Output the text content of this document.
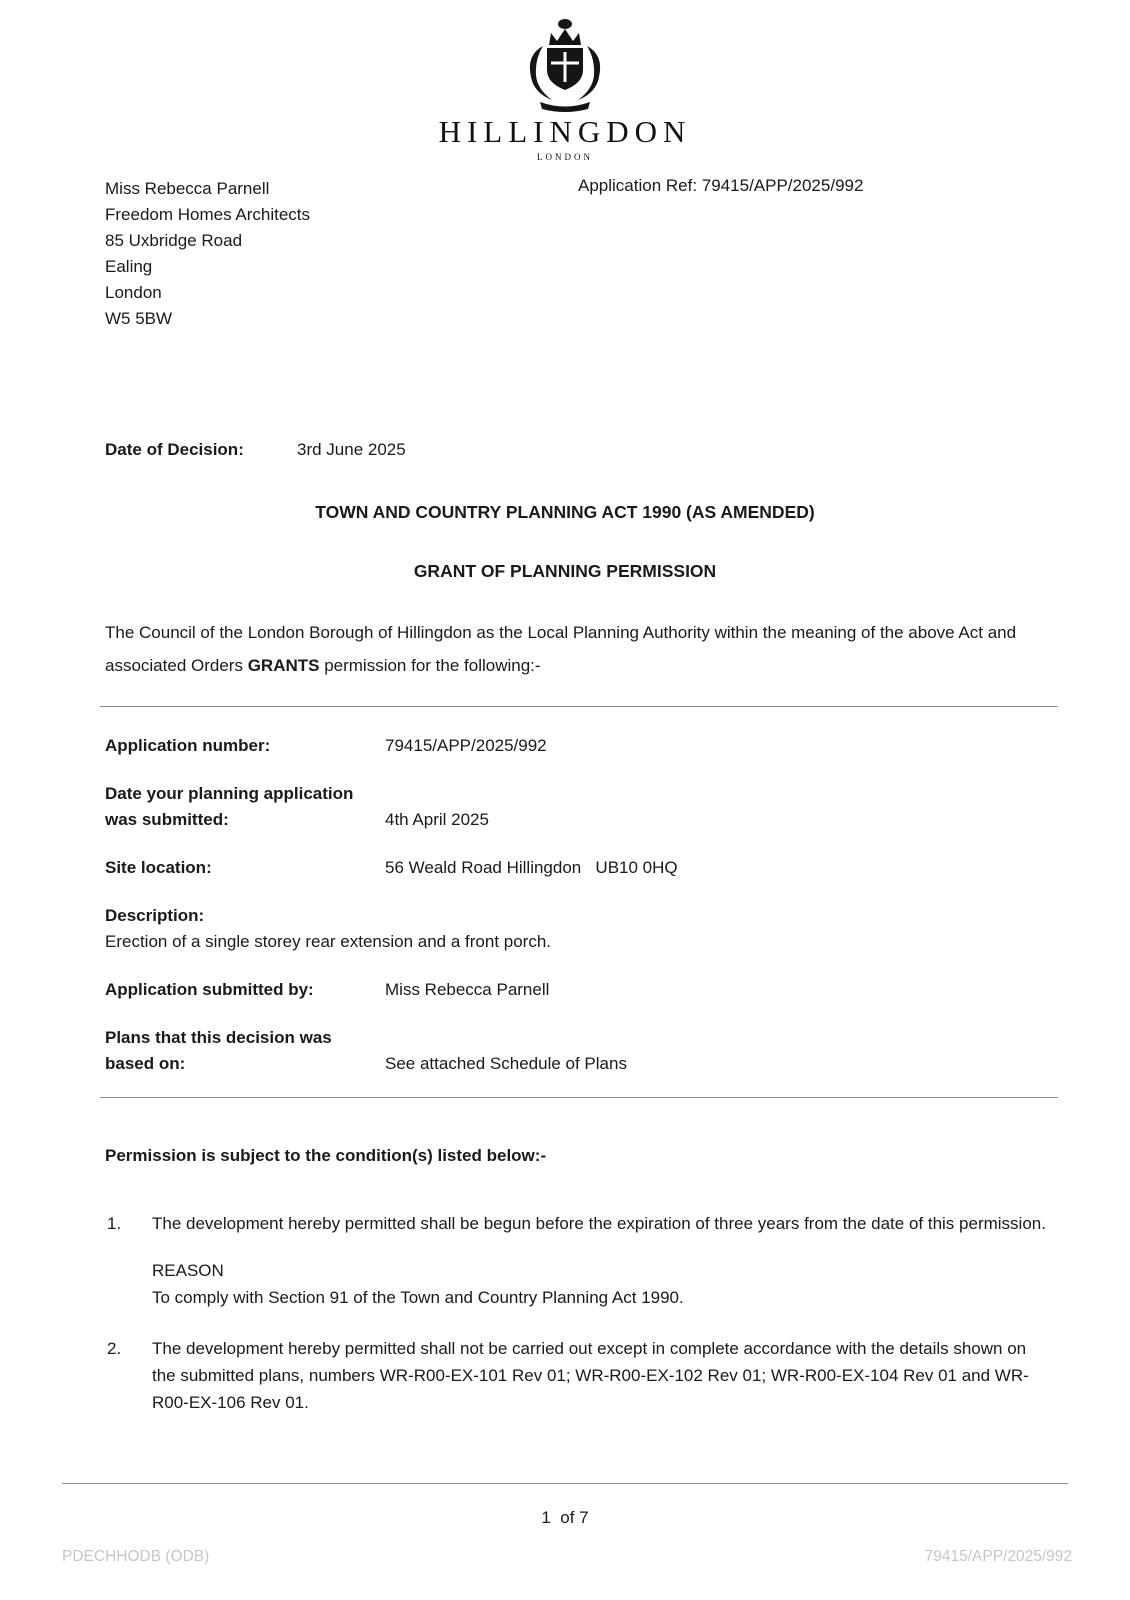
HILLINGDON
LONDON
Miss Rebecca Parnell
Freedom Homes Architects
85 Uxbridge Road
Ealing
London
W5 5BW
Application Ref: 79415/APP/2025/992
Date of Decision:	3rd June 2025
TOWN AND COUNTRY PLANNING ACT 1990 (AS AMENDED)
GRANT OF PLANNING PERMISSION

The Council of the London Borough of Hillingdon as the Local Planning Authority within the meaning of the above Act and associated Orders GRANTS permission for the following:-

Application number:	79415/APP/2025/992
Date your planning application was submitted:	4th April 2025
Site location:	56 Weald Road Hillingdon   UB10 0HQ
Description:
Erection of a single storey rear extension and a front porch.
Application submitted by:	Miss Rebecca Parnell
Plans that this decision was based on:	See attached Schedule of Plans
Permission is subject to the condition(s) listed below:-
1.	The development hereby permitted shall be begun before the expiration of three years from the date of this permission.
REASON
To comply with Section 91 of the Town and Country Planning Act 1990.
2.	The development hereby permitted shall not be carried out except in complete accordance with the details shown on the submitted plans, numbers WR-R00-EX-101 Rev 01; WR-R00-EX-102 Rev 01; WR-R00-EX-104 Rev 01 and WR-R00-EX-106 Rev 01.
1  of 7
PDECHHODB (ODB)	79415/APP/2025/992
